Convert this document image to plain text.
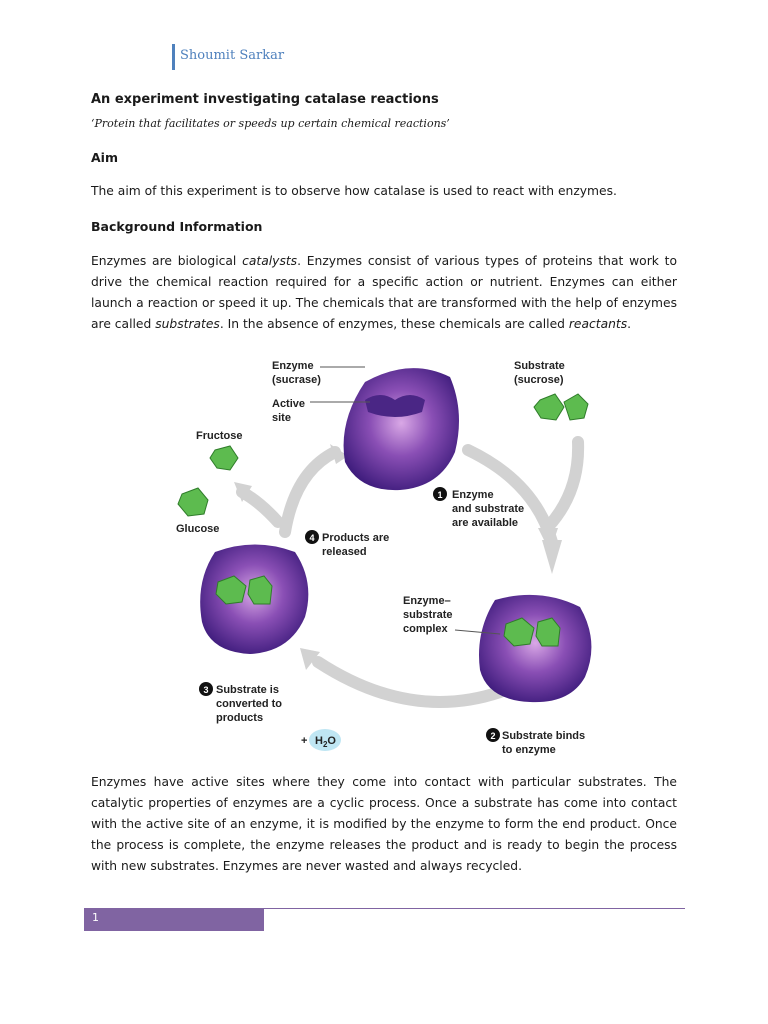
Shoumit Sarkar
An experiment investigating catalase reactions
‘Protein that facilitates or speeds up certain chemical reactions’
Aim
The aim of this experiment is to observe how catalase is used to react with enzymes.
Background Information
Enzymes are biological catalysts. Enzymes consist of various types of proteins that work to drive the chemical reaction required for a specific action or nutrient. Enzymes can either launch a reaction or speed it up. The chemicals that are transformed with the help of enzymes are called substrates. In the absence of enzymes, these chemicals are called reactants.
1
2
3
4
Enzyme
(sucrase)
Active
site
Substrate
(sucrose)
Fructose
Glucose
Enzyme
and substrate
are available
Products are
released
Enzyme–
substrate
complex
Substrate is
converted to
products
Substrate binds
to enzyme
+ $H_2O$
Enzymes have active sites where they come into contact with particular substrates. The catalytic properties of enzymes are a cyclic process. Once a substrate has come into contact with the active site of an enzyme, it is modified by the enzyme to form the end product. Once the process is complete, the enzyme releases the product and is ready to begin the process with new substrates. Enzymes are never wasted and always recycled.
1
